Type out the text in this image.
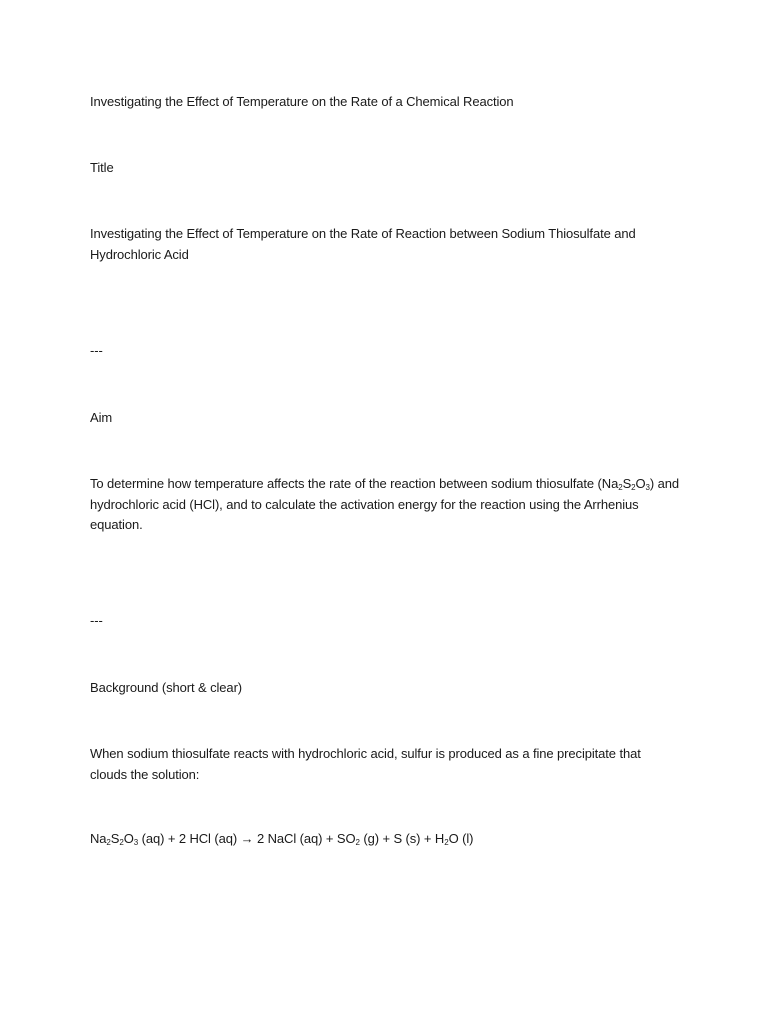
Investigating the Effect of Temperature on the Rate of a Chemical Reaction

Title

Investigating the Effect of Temperature on the Rate of Reaction between Sodium Thiosulfate and Hydrochloric Acid

---

Aim

To determine how temperature affects the rate of the reaction between sodium thiosulfate $(Na_2S_2O_3)$ and hydrochloric acid (HCl), and to calculate the activation energy for the reaction using the Arrhenius equation.

---

Background (short & clear)

When sodium thiosulfate reacts with hydrochloric acid, sulfur is produced as a fine precipitate that clouds the solution:

$Na_2S_2O_3$ (aq) + 2 HCl (aq) → 2 NaCl $(aq) + SO_2$ (g) + S $(s) + H_2O$ (l)
